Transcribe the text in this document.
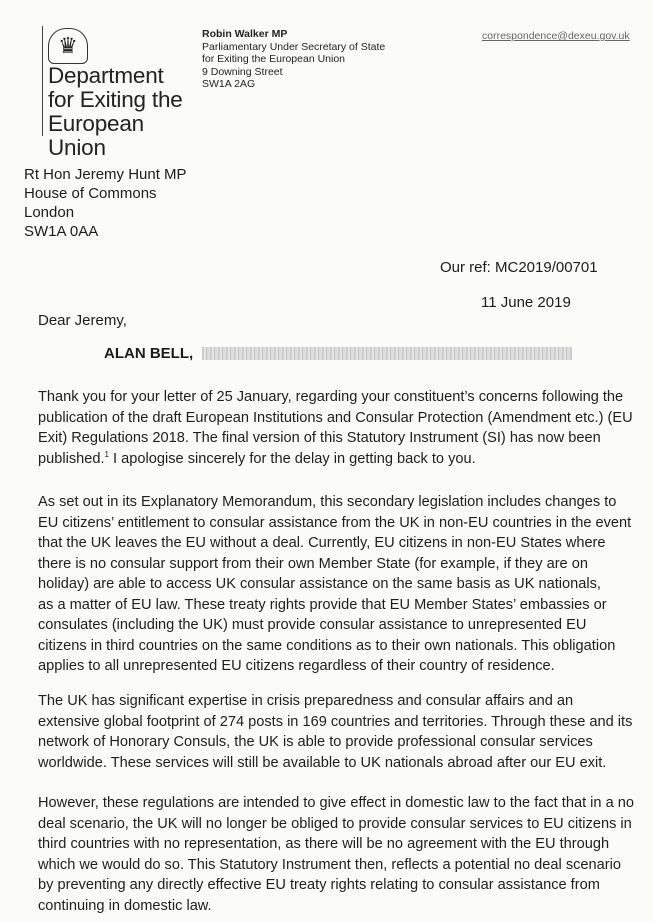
♛
Department
for Exiting the
European Union
Robin Walker MP
Parliamentary Under Secretary of State
for Exiting the European Union
9 Downing Street
SW1A 2AG
correspondence@dexeu.gov.uk
Rt Hon Jeremy Hunt MP
House of Commons
London
SW1A 0AA
Our ref: MC2019/00701
11 June 2019
Dear Jeremy,
ALAN BELL,
Thank you for your letter of 25 January, regarding your constituent’s concerns following the
publication of the draft European Institutions and Consular Protection (Amendment etc.) (EU
Exit) Regulations 2018. The final version of this Statutory Instrument (SI) has now been
published.$^1$ I apologise sincerely for the delay in getting back to you.
As set out in its Explanatory Memorandum, this secondary legislation includes changes to
EU citizens’ entitlement to consular assistance from the UK in non-EU countries in the event
that the UK leaves the EU without a deal. Currently, EU citizens in non-EU States where
there is no consular support from their own Member State (for example, if they are on
holiday) are able to access UK consular assistance on the same basis as UK nationals,
as a matter of EU law. These treaty rights provide that EU Member States’ embassies or
consulates (including the UK) must provide consular assistance to unrepresented EU
citizens in third countries on the same conditions as to their own nationals. This obligation
applies to all unrepresented EU citizens regardless of their country of residence.
The UK has significant expertise in crisis preparedness and consular affairs and an
extensive global footprint of 274 posts in 169 countries and territories. Through these and its
network of Honorary Consuls, the UK is able to provide professional consular services
worldwide. These services will still be available to UK nationals abroad after our EU exit.
However, these regulations are intended to give effect in domestic law to the fact that in a no
deal scenario, the UK will no longer be obliged to provide consular services to EU citizens in
third countries with no representation, as there will be no agreement with the EU through
which we would do so. This Statutory Instrument then, reflects a potential no deal scenario
by preventing any directly effective EU treaty rights relating to consular assistance from
continuing in domestic law.
